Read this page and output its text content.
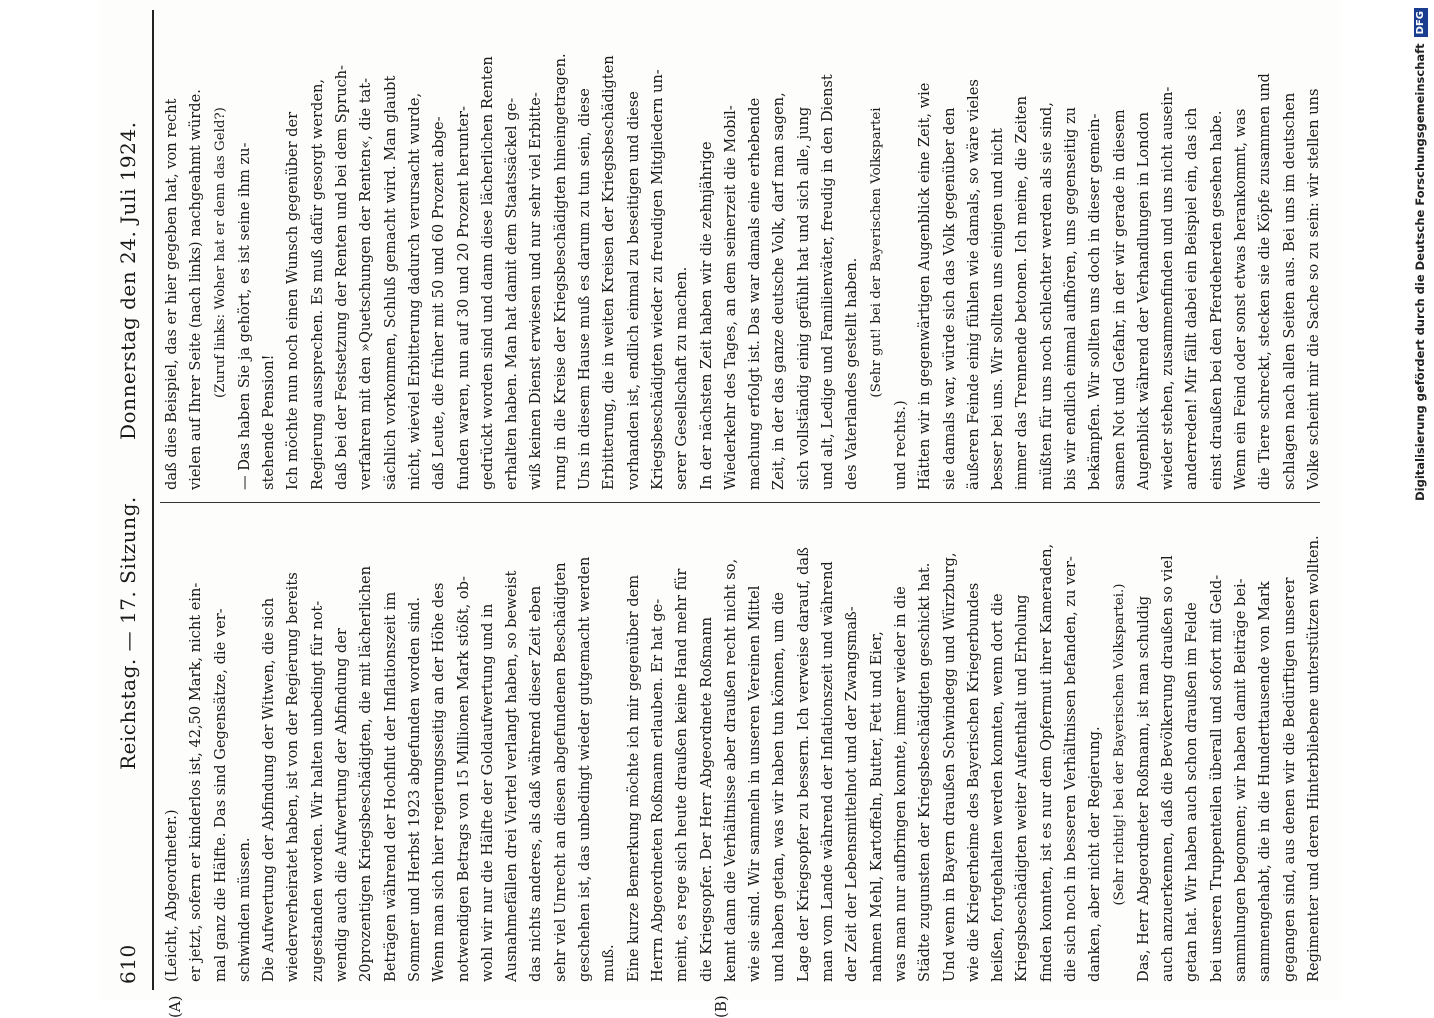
610
Reichstag. — 17. Sitzung.
Donnerstag den 24. Juli 1924.
(A)	(B)
(Leicht, Abgeordneter.) er jetzt, sofern er kinderlos ist, 42,50 Mark, nicht ein- mal ganz die Hälfte. Das sind Gegensätze, die ver- schwinden müssen. Die Aufwertung der Abfindung der Witwen, die sich wiederverheiratet haben, ist von der Regierung bereits zugestanden worden. Wir halten unbedingt für not- wendig auch die Aufwertung der Abfindung der 20prozentigen Kriegsbeschädigten, die mit lächerlichen Beträgen während der Hochflut der Inflationszeit im Sommer und Herbst 1923 abgefunden worden sind. Wenn man sich hier regierungsseitig an der Höhe des notwendigen Betrags von 15 Millionen Mark stößt, ob- wohl wir nur die Hälfte der Goldaufwertung und in Ausnahmefällen drei Viertel verlangt haben, so beweist das nichts anderes, als daß während dieser Zeit eben sehr viel Unrecht an diesen abgefundenen Beschädigten geschehen ist, das unbedingt wieder gutgemacht werden muß. Eine kurze Bemerkung möchte ich mir gegenüber dem Herrn Abgeordneten Roßmann erlauben. Er hat ge- meint, es rege sich heute draußen keine Hand mehr für die Kriegsopfer. Der Herr Abgeordnete Roßmann kennt dann die Verhältnisse aber draußen recht nicht so, wie sie sind. Wir sammeln in unseren Vereinen Mittel und haben getan, was wir haben tun können, um die Lage der Kriegsopfer zu bessern. Ich verweise darauf, daß man vom Lande während der Inflationszeit und während der Zeit der Lebensmittelnot und der Zwangsmaß- nahmen Mehl, Kartoffeln, Butter, Fett und Eier, was man nur aufbringen konnte, immer wieder in die Städte zugunsten der Kriegsbeschädigten geschickt hat. Und wenn in Bayern draußen Schwindegg und Würzburg, wie die Kriegerheime des Bayerischen Kriegerbundes heißen, fortgehalten werden konnten, wenn dort die Kriegsbeschädigten weiter Aufenthalt und Erholung finden konnten, ist es nur dem Opfermut ihrer Kameraden, die sich noch in besseren Verhältnissen befanden, zu ver- danken, aber nicht der Regierung. (Sehr richtig! bei der Bayerischen Volkspartei.) Das, Herr Abgeordneter Roßmann, ist man schuldig auch anzuerkennen, daß die Bevölkerung draußen so viel getan hat. Wir haben auch schon draußen im Felde bei unseren Truppenteilen überall und sofort mit Geld- sammlungen begonnen; wir haben damit Beiträge bei- sammengehabt, die in die Hunderttausende von Mark gegangen sind, aus denen wir die Bedürftigen unserer Regimenter und deren Hinterbliebene unterstützen wollten.
daß dies Beispiel, das er hier gegeben hat, von recht vielen auf Ihrer Seite (nach links) nachgeahmt würde. (Zuruf links: Woher hat er denn das Geld?) — Das haben Sie ja gehört, es ist seine ihm zu- stehende Pension! Ich möchte nun noch einen Wunsch gegenüber der Regierung aussprechen. Es muß dafür gesorgt werden, daß bei der Festsetzung der Renten und bei dem Spruch- verfahren mit den »Quetschungen der Renten«, die tat- sächlich vorkommen, Schluß gemacht wird. Man glaubt nicht, wieviel Erbitterung dadurch verursacht wurde, daß Leute, die früher mit 50 und 60 Prozent abge- funden waren, nun auf 30 und 20 Prozent herunter- gedrückt worden sind und dann diese lächerlichen Renten erhalten haben. Man hat damit dem Staatssäckel ge- wiß keinen Dienst erwiesen und nur sehr viel Erbitte- rung in die Kreise der Kriegsbeschädigten hineingetragen. Uns in diesem Hause muß es darum zu tun sein, diese Erbitterung, die in weiten Kreisen der Kriegsbeschädigten vorhanden ist, endlich einmal zu beseitigen und diese Kriegsbeschädigten wieder zu freudigen Mitgliedern un- serer Gesellschaft zu machen. In der nächsten Zeit haben wir die zehnjährige Wiederkehr des Tages, an dem seinerzeit die Mobil- machung erfolgt ist. Das war damals eine erhebende Zeit, in der das ganze deutsche Volk, darf man sagen, sich vollständig einig gefühlt hat und sich alle, jung und alt, Ledige und Familienväter, freudig in den Dienst des Vaterlandes gestellt haben. (Sehr gut! bei der Bayerischen Volkspartei
und rechts.) Hätten wir in gegenwärtigen Augenblick eine Zeit, wie sie damals war, würde sich das Volk gegenüber den äußeren Feinde einig fühlen wie damals, so wäre vieles besser bei uns. Wir sollten uns einigen und nicht immer das Trennende betonen. Ich meine, die Zeiten müßten für uns noch schlechter werden als sie sind, bis wir endlich einmal aufhören, uns gegenseitig zu bekämpfen. Wir sollten uns doch in dieser gemein- samen Not und Gefahr, in der wir gerade in diesem Augenblick während der Verhandlungen in London wieder stehen, zusammenfinden und uns nicht ausein- anderreden! Mir fällt dabei ein Beispiel ein, das ich einst draußen bei den Pferdeherden gesehen habe. Wenn ein Feind oder sonst etwas herankommt, was die Tiere schreckt, stecken sie die Köpfe zusammen und schlagen nach allen Seiten aus. Bei uns im deutschen Volke scheint mir die Sache so zu sein: wir stellen uns	Digitalisierung gefördert durch die Deutsche ForschungsgemeinschaftDFG
